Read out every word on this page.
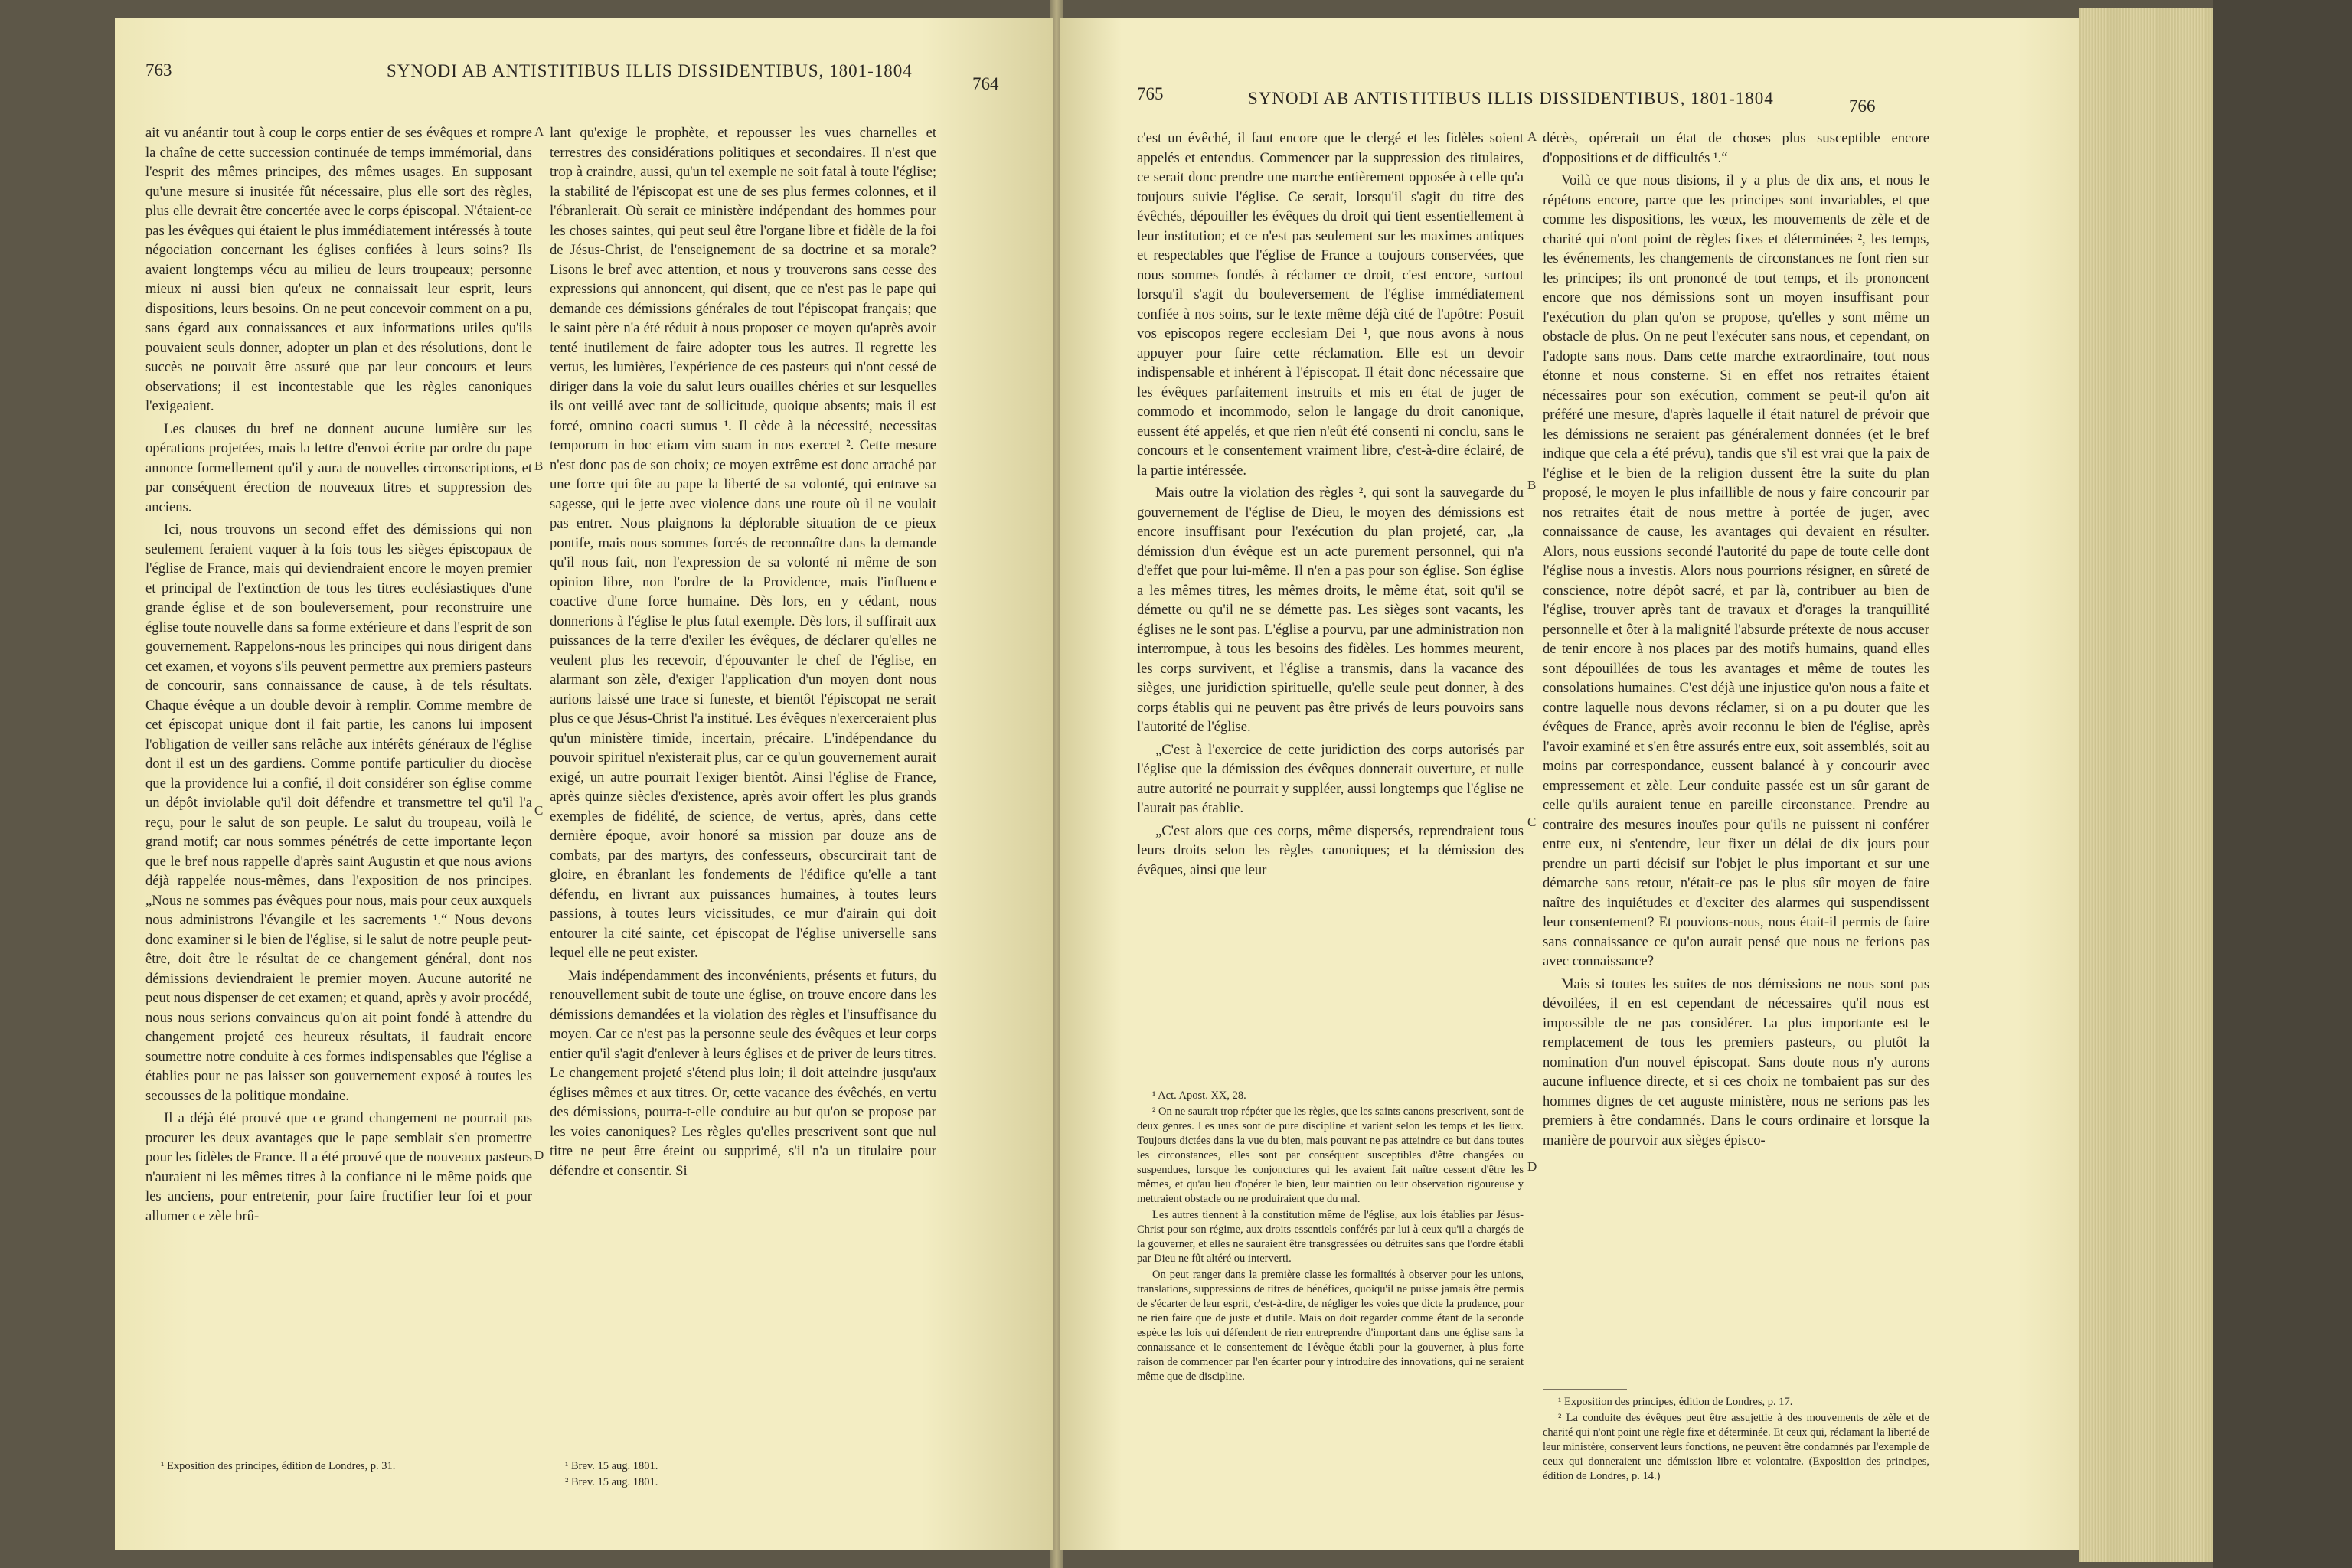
763	SYNODI AB ANTISTITIBUS ILLIS DISSIDENTIBUS, 1801-1804
764

ait vu anéantir tout à coup le corps entier de ses évêques et rompre la chaîne de cette succession continuée de temps immémorial, dans l'esprit des mêmes principes, des mêmes usages. En supposant qu'une mesure si inusitée fût nécessaire, plus elle sort des règles, plus elle devrait être concertée avec le corps épiscopal. N'étaient-ce pas les évêques qui étaient le plus immédiatement intéressés à toute négociation concernant les églises confiées à leurs soins? Ils avaient longtemps vécu au milieu de leurs troupeaux; personne mieux ni aussi bien qu'eux ne connaissait leur esprit, leurs dispositions, leurs besoins. On ne peut concevoir comment on a pu, sans égard aux connaissances et aux informations utiles qu'ils pouvaient seuls donner, adopter un plan et des résolutions, dont le succès ne pouvait être assuré que par leur concours et leurs observations; il est incontestable que les règles canoniques l'exigeaient.

Les clauses du bref ne donnent aucune lumière sur les opérations projetées, mais la lettre d'envoi écrite par ordre du pape annonce formellement qu'il y aura de nouvelles circonscriptions, et par conséquent érection de nouveaux titres et suppression des anciens.

Ici, nous trouvons un second effet des démissions qui non seulement feraient vaquer à la fois tous les sièges épiscopaux de l'église de France, mais qui deviendraient encore le moyen premier et principal de l'extinction de tous les titres ecclésiastiques d'une grande église et de son bouleversement, pour reconstruire une église toute nouvelle dans sa forme extérieure et dans l'esprit de son gouvernement. Rappelons-nous les principes qui nous dirigent dans cet examen, et voyons s'ils peuvent permettre aux premiers pasteurs de concourir, sans connaissance de cause, à de tels résultats. Chaque évêque a un double devoir à remplir. Comme membre de cet épiscopat unique dont il fait partie, les canons lui imposent l'obligation de veiller sans relâche aux intérêts généraux de l'église dont il est un des gardiens. Comme pontife particulier du diocèse que la providence lui a confié, il doit considérer son église comme un dépôt inviolable qu'il doit défendre et transmettre tel qu'il l'a reçu, pour le salut de son peuple. Le salut du troupeau, voilà le grand motif; car nous sommes pénétrés de cette importante leçon que le bref nous rappelle d'après saint Augustin et que nous avions déjà rappelée nous-mêmes, dans l'exposition de nos principes. „Nous ne sommes pas évêques pour nous, mais pour ceux auxquels nous administrons l'évangile et les sacrements ¹.“ Nous devons donc examiner si le bien de l'église, si le salut de notre peuple peut-être, doit être le résultat de ce changement général, dont nos démissions deviendraient le premier moyen. Aucune autorité ne peut nous dispenser de cet examen; et quand, après y avoir procédé, nous nous serions convaincus qu'on ait point fondé à attendre du changement projeté ces heureux résultats, il faudrait encore soumettre notre conduite à ces formes indispensables que l'église a établies pour ne pas laisser son gouvernement exposé à toutes les secousses de la politique mondaine.

Il a déjà été prouvé que ce grand changement ne pourrait pas procurer les deux avantages que le pape semblait s'en promettre pour les fidèles de France. Il a été prouvé que de nouveaux pasteurs n'auraient ni les mêmes titres à la confiance ni le même poids que les anciens, pour entretenir, pour faire fructifier leur foi et pour allumer ce zèle brû-

¹ Exposition des principes, édition de Londres, p. 31.

A
B
C
D

lant qu'exige le prophète, et repousser les vues charnelles et terrestres des considérations politiques et secondaires. Il n'est que trop à craindre, aussi, qu'un tel exemple ne soit fatal à toute l'église; la stabilité de l'épiscopat est une de ses plus fermes colonnes, et il l'ébranlerait. Où serait ce ministère indépendant des hommes pour les choses saintes, qui peut seul être l'organe libre et fidèle de la foi de Jésus-Christ, de l'enseignement de sa doctrine et sa morale? Lisons le bref avec attention, et nous y trouverons sans cesse des expressions qui annoncent, qui disent, que ce n'est pas le pape qui demande ces démissions générales de tout l'épiscopat français; que le saint père n'a été réduit à nous proposer ce moyen qu'après avoir tenté inutilement de faire adopter tous les autres. Il regrette les vertus, les lumières, l'expérience de ces pasteurs qui n'ont cessé de diriger dans la voie du salut leurs ouailles chéries et sur lesquelles ils ont veillé avec tant de sollicitude, quoique absents; mais il est forcé, omnino coacti sumus ¹. Il cède à la nécessité, necessitas temporum in hoc etiam vim suam in nos exercet ². Cette mesure n'est donc pas de son choix; ce moyen extrême est donc arraché par une force qui ôte au pape la liberté de sa volonté, qui entrave sa sagesse, qui le jette avec violence dans une route où il ne voulait pas entrer. Nous plaignons la déplorable situation de ce pieux pontife, mais nous sommes forcés de reconnaître dans la demande qu'il nous fait, non l'expression de sa volonté ni même de son opinion libre, non l'ordre de la Providence, mais l'influence coactive d'une force humaine. Dès lors, en y cédant, nous donnerions à l'église le plus fatal exemple. Dès lors, il suffirait aux puissances de la terre d'exiler les évêques, de déclarer qu'elles ne veulent plus les recevoir, d'épouvanter le chef de l'église, en alarmant son zèle, d'exiger l'application d'un moyen dont nous aurions laissé une trace si funeste, et bientôt l'épiscopat ne serait plus ce que Jésus-Christ l'a institué. Les évêques n'exerceraient plus qu'un ministère timide, incertain, précaire. L'indépendance du pouvoir spirituel n'existerait plus, car ce qu'un gouvernement aurait exigé, un autre pourrait l'exiger bientôt. Ainsi l'église de France, après quinze siècles d'existence, après avoir offert les plus grands exemples de fidélité, de science, de vertus, après, dans cette dernière époque, avoir honoré sa mission par douze ans de combats, par des martyrs, des confesseurs, obscurcirait tant de gloire, en ébranlant les fondements de l'édifice qu'elle a tant défendu, en livrant aux puissances humaines, à toutes leurs passions, à toutes leurs vicissitudes, ce mur d'airain qui doit entourer la cité sainte, cet épiscopat de l'église universelle sans lequel elle ne peut exister.

Mais indépendamment des inconvénients, présents et futurs, du renouvellement subit de toute une église, on trouve encore dans les démissions demandées et la violation des règles et l'insuffisance du moyen. Car ce n'est pas la personne seule des évêques et leur corps entier qu'il s'agit d'enlever à leurs églises et de priver de leurs titres. Le changement projeté s'étend plus loin; il doit atteindre jusqu'aux églises mêmes et aux titres. Or, cette vacance des évêchés, en vertu des démissions, pourra-t-elle conduire au but qu'on se propose par les voies canoniques? Les règles qu'elles prescrivent sont que nul titre ne peut être éteint ou supprimé, s'il n'a un titulaire pour défendre et consentir. Si

¹ Brev. 15 aug. 1801.

² Brev. 15 aug. 1801.

765	SYNODI AB ANTISTITIBUS ILLIS DISSIDENTIBUS, 1801-1804	766

c'est un évêché, il faut encore que le clergé et les fidèles soient appelés et entendus. Commencer par la suppression des titulaires, ce serait donc prendre une marche entièrement opposée à celle qu'a toujours suivie l'église. Ce serait, lorsqu'il s'agit du titre des évêchés, dépouiller les évêques du droit qui tient essentiellement à leur institution; et ce n'est pas seulement sur les maximes antiques et respectables que l'église de France a toujours conservées, que nous sommes fondés à réclamer ce droit, c'est encore, surtout lorsqu'il s'agit du bouleversement de l'église immédiatement confiée à nos soins, sur le texte même déjà cité de l'apôtre: Posuit vos episcopos regere ecclesiam Dei ¹, que nous avons à nous appuyer pour faire cette réclamation. Elle est un devoir indispensable et inhérent à l'épiscopat. Il était donc nécessaire que les évêques parfaitement instruits et mis en état de juger de commodo et incommodo, selon le langage du droit canonique, eussent été appelés, et que rien n'eût été consenti ni conclu, sans le concours et le consentement vraiment libre, c'est-à-dire éclairé, de la partie intéressée.

Mais outre la violation des règles ², qui sont la sauvegarde du gouvernement de l'église de Dieu, le moyen des démissions est encore insuffisant pour l'exécution du plan projeté, car, „la démission d'un évêque est un acte purement personnel, qui n'a d'effet que pour lui-même. Il n'en a pas pour son église. Son église a les mêmes titres, les mêmes droits, le même état, soit qu'il se démette ou qu'il ne se démette pas. Les sièges sont vacants, les églises ne le sont pas. L'église a pourvu, par une administration non interrompue, à tous les besoins des fidèles. Les hommes meurent, les corps survivent, et l'église a transmis, dans la vacance des sièges, une juridiction spirituelle, qu'elle seule peut donner, à des corps établis qui ne peuvent pas être privés de leurs pouvoirs sans l'autorité de l'église.

„C'est à l'exercice de cette juridiction des corps autorisés par l'église que la démission des évêques donnerait ouverture, et nulle autre autorité ne pourrait y suppléer, aussi longtemps que l'église ne l'aurait pas établie.

„C'est alors que ces corps, même dispersés, reprendraient tous leurs droits selon les règles canoniques; et la démission des évêques, ainsi que leur

¹ Act. Apost. XX, 28.

² On ne saurait trop répéter que les règles, que les saints canons prescrivent, sont de deux genres. Les unes sont de pure discipline et varient selon les temps et les lieux. Toujours dictées dans la vue du bien, mais pouvant ne pas atteindre ce but dans toutes les circonstances, elles sont par conséquent susceptibles d'être changées ou suspendues, lorsque les conjonctures qui les avaient fait naître cessent d'être les mêmes, et qu'au lieu d'opérer le bien, leur maintien ou leur observation rigoureuse y mettraient obstacle ou ne produiraient que du mal.

Les autres tiennent à la constitution même de l'église, aux lois établies par Jésus-Christ pour son régime, aux droits essentiels conférés par lui à ceux qu'il a chargés de la gouverner, et elles ne sauraient être transgressées ou détruites sans que l'ordre établi par Dieu ne fût altéré ou interverti.

On peut ranger dans la première classe les formalités à observer pour les unions, translations, suppressions de titres de bénéfices, quoiqu'il ne puisse jamais être permis de s'écarter de leur esprit, c'est-à-dire, de négliger les voies que dicte la prudence, pour ne rien faire que de juste et d'utile. Mais on doit regarder comme étant de la seconde espèce les lois qui défendent de rien entreprendre d'important dans une église sans la connaissance et le consentement de l'évêque établi pour la gouverner, à plus forte raison de commencer par l'en écarter pour y introduire des innovations, qui ne seraient même que de discipline.

A
B
C
D

décès, opérerait un état de choses plus susceptible encore d'oppositions et de difficultés ¹.“

Voilà ce que nous disions, il y a plus de dix ans, et nous le répétons encore, parce que les principes sont invariables, et que comme les dispositions, les vœux, les mouvements de zèle et de charité qui n'ont point de règles fixes et déterminées ², les temps, les événements, les changements de circonstances ne font rien sur les principes; ils ont prononcé de tout temps, et ils prononcent encore que nos démissions sont un moyen insuffisant pour l'exécution du plan qu'on se propose, qu'elles y sont même un obstacle de plus. On ne peut l'exécuter sans nous, et cependant, on l'adopte sans nous. Dans cette marche extraordinaire, tout nous étonne et nous consterne. Si en effet nos retraites étaient nécessaires pour son exécution, comment se peut-il qu'on ait préféré une mesure, d'après laquelle il était naturel de prévoir que les démissions ne seraient pas généralement données (et le bref indique que cela a été prévu), tandis que s'il est vrai que la paix de l'église et le bien de la religion dussent être la suite du plan proposé, le moyen le plus infaillible de nous y faire concourir par nos retraites était de nous mettre à portée de juger, avec connaissance de cause, les avantages qui devaient en résulter. Alors, nous eussions secondé l'autorité du pape de toute celle dont l'église nous a investis. Alors nous pourrions résigner, en sûreté de conscience, notre dépôt sacré, et par là, contribuer au bien de l'église, trouver après tant de travaux et d'orages la tranquillité personnelle et ôter à la malignité l'absurde prétexte de nous accuser de tenir encore à nos places par des motifs humains, quand elles sont dépouillées de tous les avantages et même de toutes les consolations humaines. C'est déjà une injustice qu'on nous a faite et contre laquelle nous devons réclamer, si on a pu douter que les évêques de France, après avoir reconnu le bien de l'église, après l'avoir examiné et s'en être assurés entre eux, soit assemblés, soit au moins par correspondance, eussent balancé à y concourir avec empressement et zèle. Leur conduite passée est un sûr garant de celle qu'ils auraient tenue en pareille circonstance. Prendre au contraire des mesures inouïes pour qu'ils ne puissent ni conférer entre eux, ni s'entendre, leur fixer un délai de dix jours pour prendre un parti décisif sur l'objet le plus important et sur une démarche sans retour, n'était-ce pas le plus sûr moyen de faire naître des inquiétudes et d'exciter des alarmes qui suspendissent leur consentement? Et pouvions-nous, nous était-il permis de faire sans connaissance ce qu'on aurait pensé que nous ne ferions pas avec connaissance?

Mais si toutes les suites de nos démissions ne nous sont pas dévoilées, il en est cependant de nécessaires qu'il nous est impossible de ne pas considérer. La plus importante est le remplacement de tous les premiers pasteurs, ou plutôt la nomination d'un nouvel épiscopat. Sans doute nous n'y aurons aucune influence directe, et si ces choix ne tombaient pas sur des hommes dignes de cet auguste ministère, nous ne serions pas les premiers à être condamnés. Dans le cours ordinaire et lorsque la manière de pourvoir aux sièges épisco-

¹ Exposition des principes, édition de Londres, p. 17.

² La conduite des évêques peut être assujettie à des mouvements de zèle et de charité qui n'ont point une règle fixe et déterminée. Et ceux qui, réclamant la liberté de leur ministère, conservent leurs fonctions, ne peuvent être condamnés par l'exemple de ceux qui donneraient une démission libre et volontaire. (Exposition des principes, édition de Londres, p. 14.)
